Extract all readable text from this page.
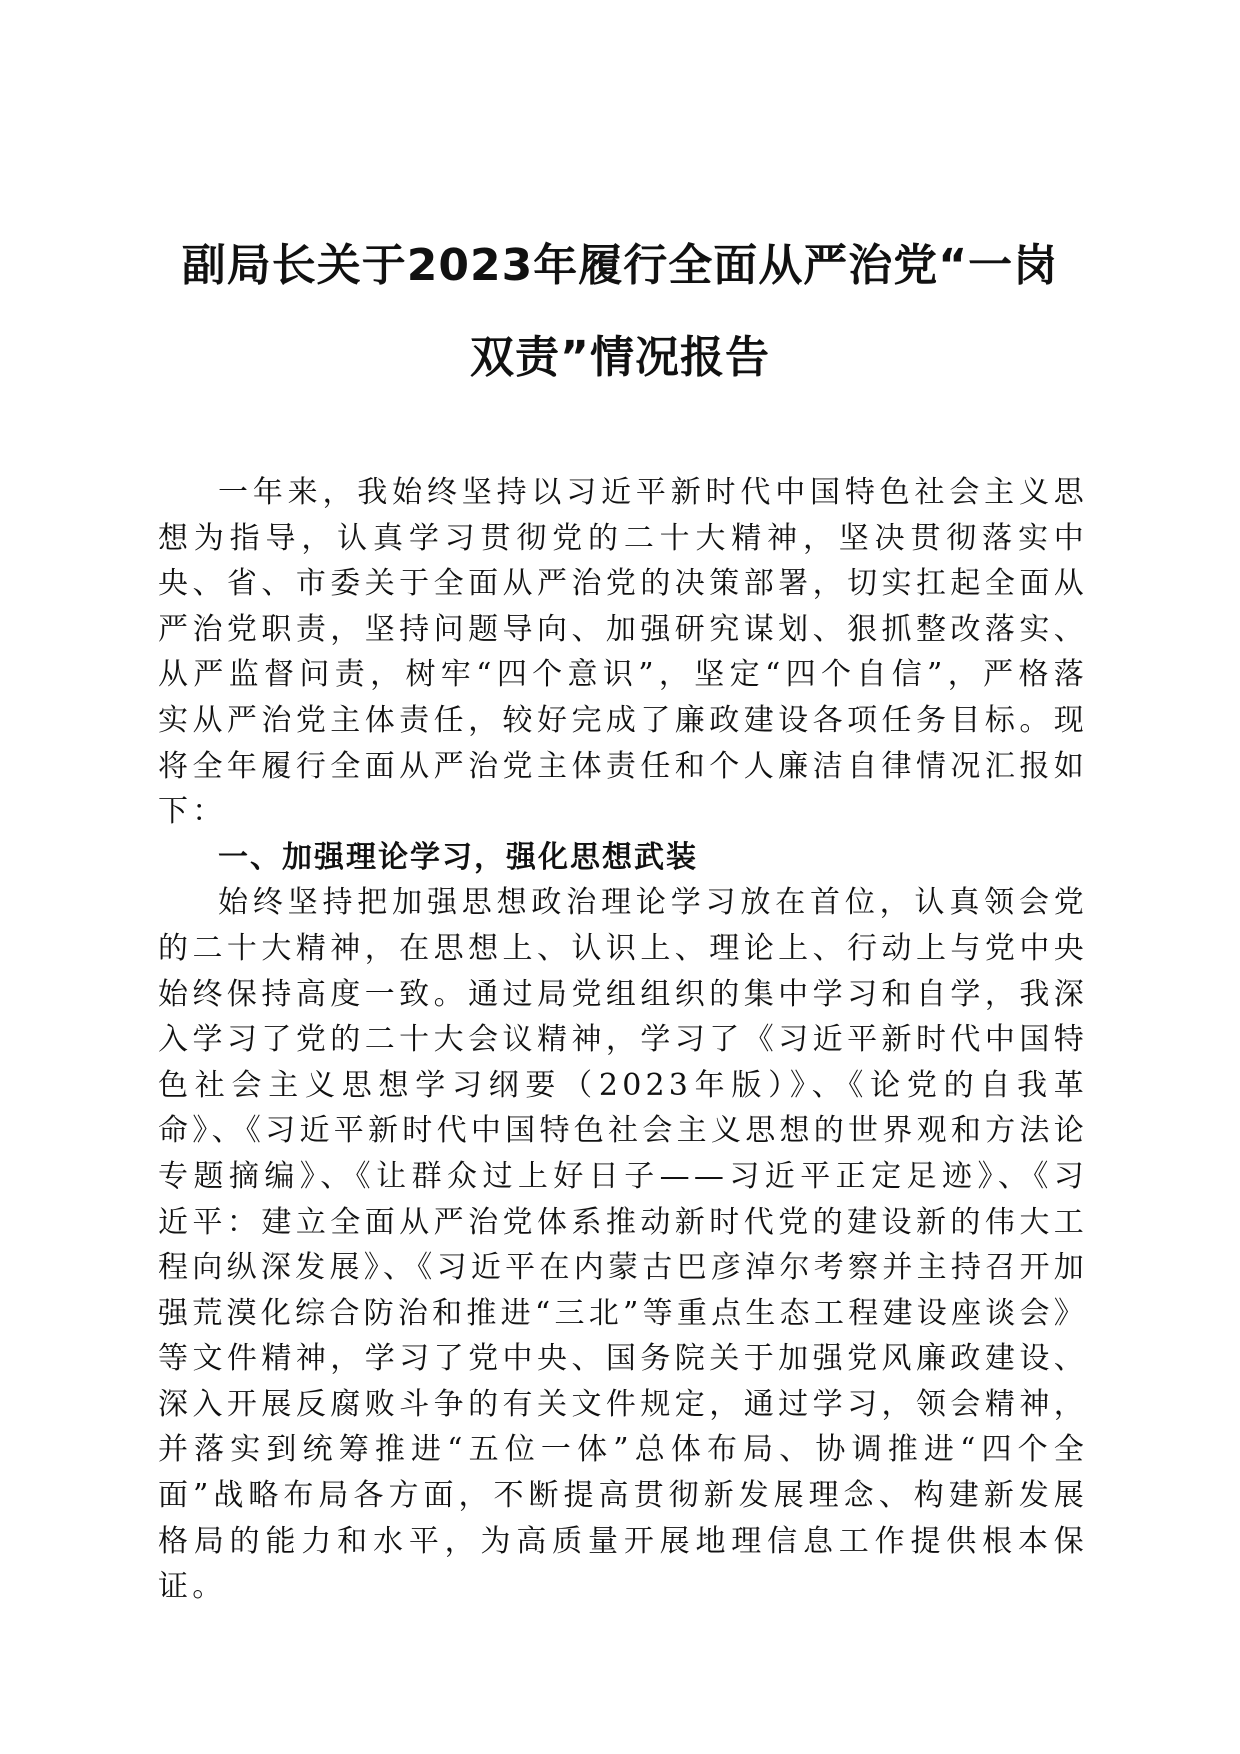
副局长关于2023年履行全面从严治党“一岗
双责”情况报告

一年来，我始终坚持以习近平新时代中国特色社会主义思想为指导，认真学习贯彻党的二十大精神，坚决贯彻落实中央、省、市委关于全面从严治党的决策部署，切实扛起全面从严治党职责，坚持问题导向、加强研究谋划、狠抓整改落实、从严监督问责，树牢“四个意识”，坚定“四个自信”，严格落实从严治党主体责任，较好完成了廉政建设各项任务目标。现将全年履行全面从严治党主体责任和个人廉洁自律情况汇报如下：

一、加强理论学习，强化思想武装

始终坚持把加强思想政治理论学习放在首位，认真领会党的二十大精神，在思想上、认识上、理论上、行动上与党中央始终保持高度一致。通过局党组组织的集中学习和自学，我深入学习了党的二十大会议精神，学习了《习近平新时代中国特色社会主义思想学习纲要（2023年版）》、《论党的自我革命》、《习近平新时代中国特色社会主义思想的世界观和方法论专题摘编》、《让群众过上好日子——习近平正定足迹》、《习近平：建立全面从严治党体系推动新时代党的建设新的伟大工程向纵深发展》、《习近平在内蒙古巴彦淖尔考察并主持召开加强荒漠化综合防治和推进“三北”等重点生态工程建设座谈会》等文件精神，学习了党中央、国务院关于加强党风廉政建设、深入开展反腐败斗争的有关文件规定，通过学习，领会精神，并落实到统筹推进“五位一体”总体布局、协调推进“四个全面”战略布局各方面，不断提高贯彻新发展理念、构建新发展格局的能力和水平，为高质量开展地理信息工作提供根本保证。
